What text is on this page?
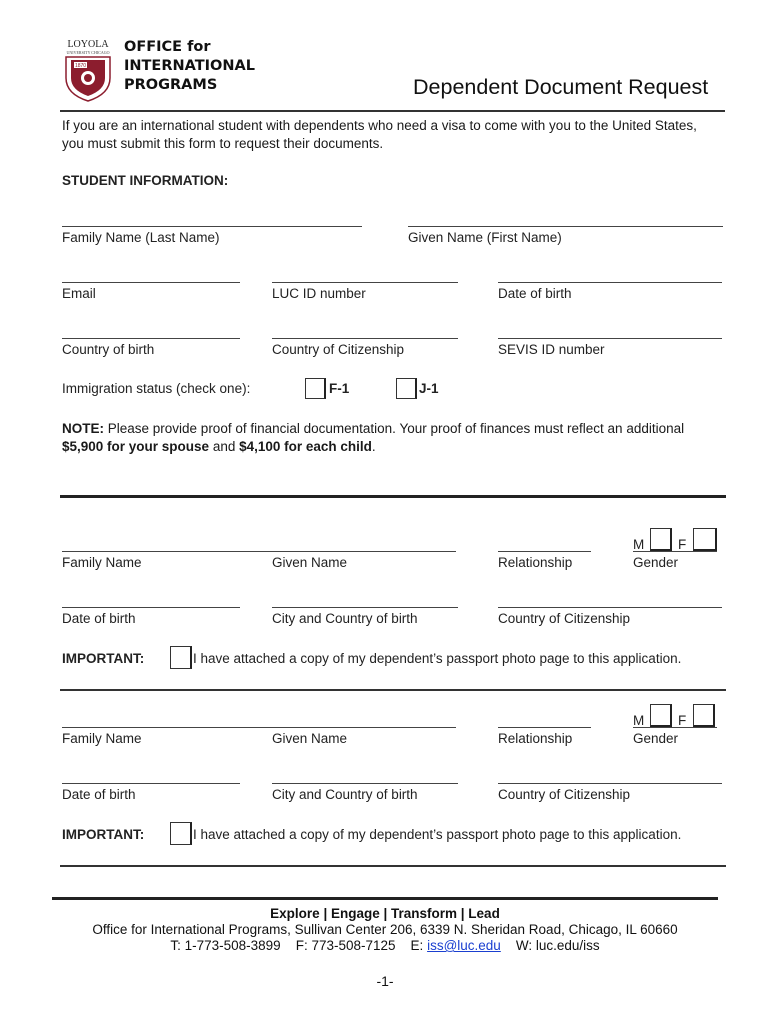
LOYOLA
UNIVERSITY CHICAGO
1870
OFFICE for
INTERNATIONAL
PROGRAMS	Dependent Document Request
If you are an international student with dependents who need a visa to come with you to the United States,
you must submit this form to request their documents.
STUDENT INFORMATION:
Family Name (Last Name)	Given Name (First Name)
Email	LUC ID number	Date of birth
Country of birth	Country of Citizenship	SEVIS ID number
Immigration status (check one):	F-1	J-1
NOTE: Please provide proof of financial documentation. Your proof of finances must reflect an additional
$5,900 for your spouse and $4,100 for each child.
M	F
Family Name	Given Name	Relationship	Gender
Date of birth	City and Country of birth	Country of Citizenship
IMPORTANT:	I have attached a copy of my dependent’s passport photo page to this application.
M	F
Family Name	Given Name	Relationship	Gender
Date of birth	City and Country of birth	Country of Citizenship
IMPORTANT:	I have attached a copy of my dependent’s passport photo page to this application.
Explore | Engage | Transform | Lead
Office for International Programs, Sullivan Center 206, 6339 N. Sheridan Road, Chicago, IL 60660
T: 1-773-508-3899 F: 773-508-7125 E: iss@luc.edu W: luc.edu/iss
-1-
